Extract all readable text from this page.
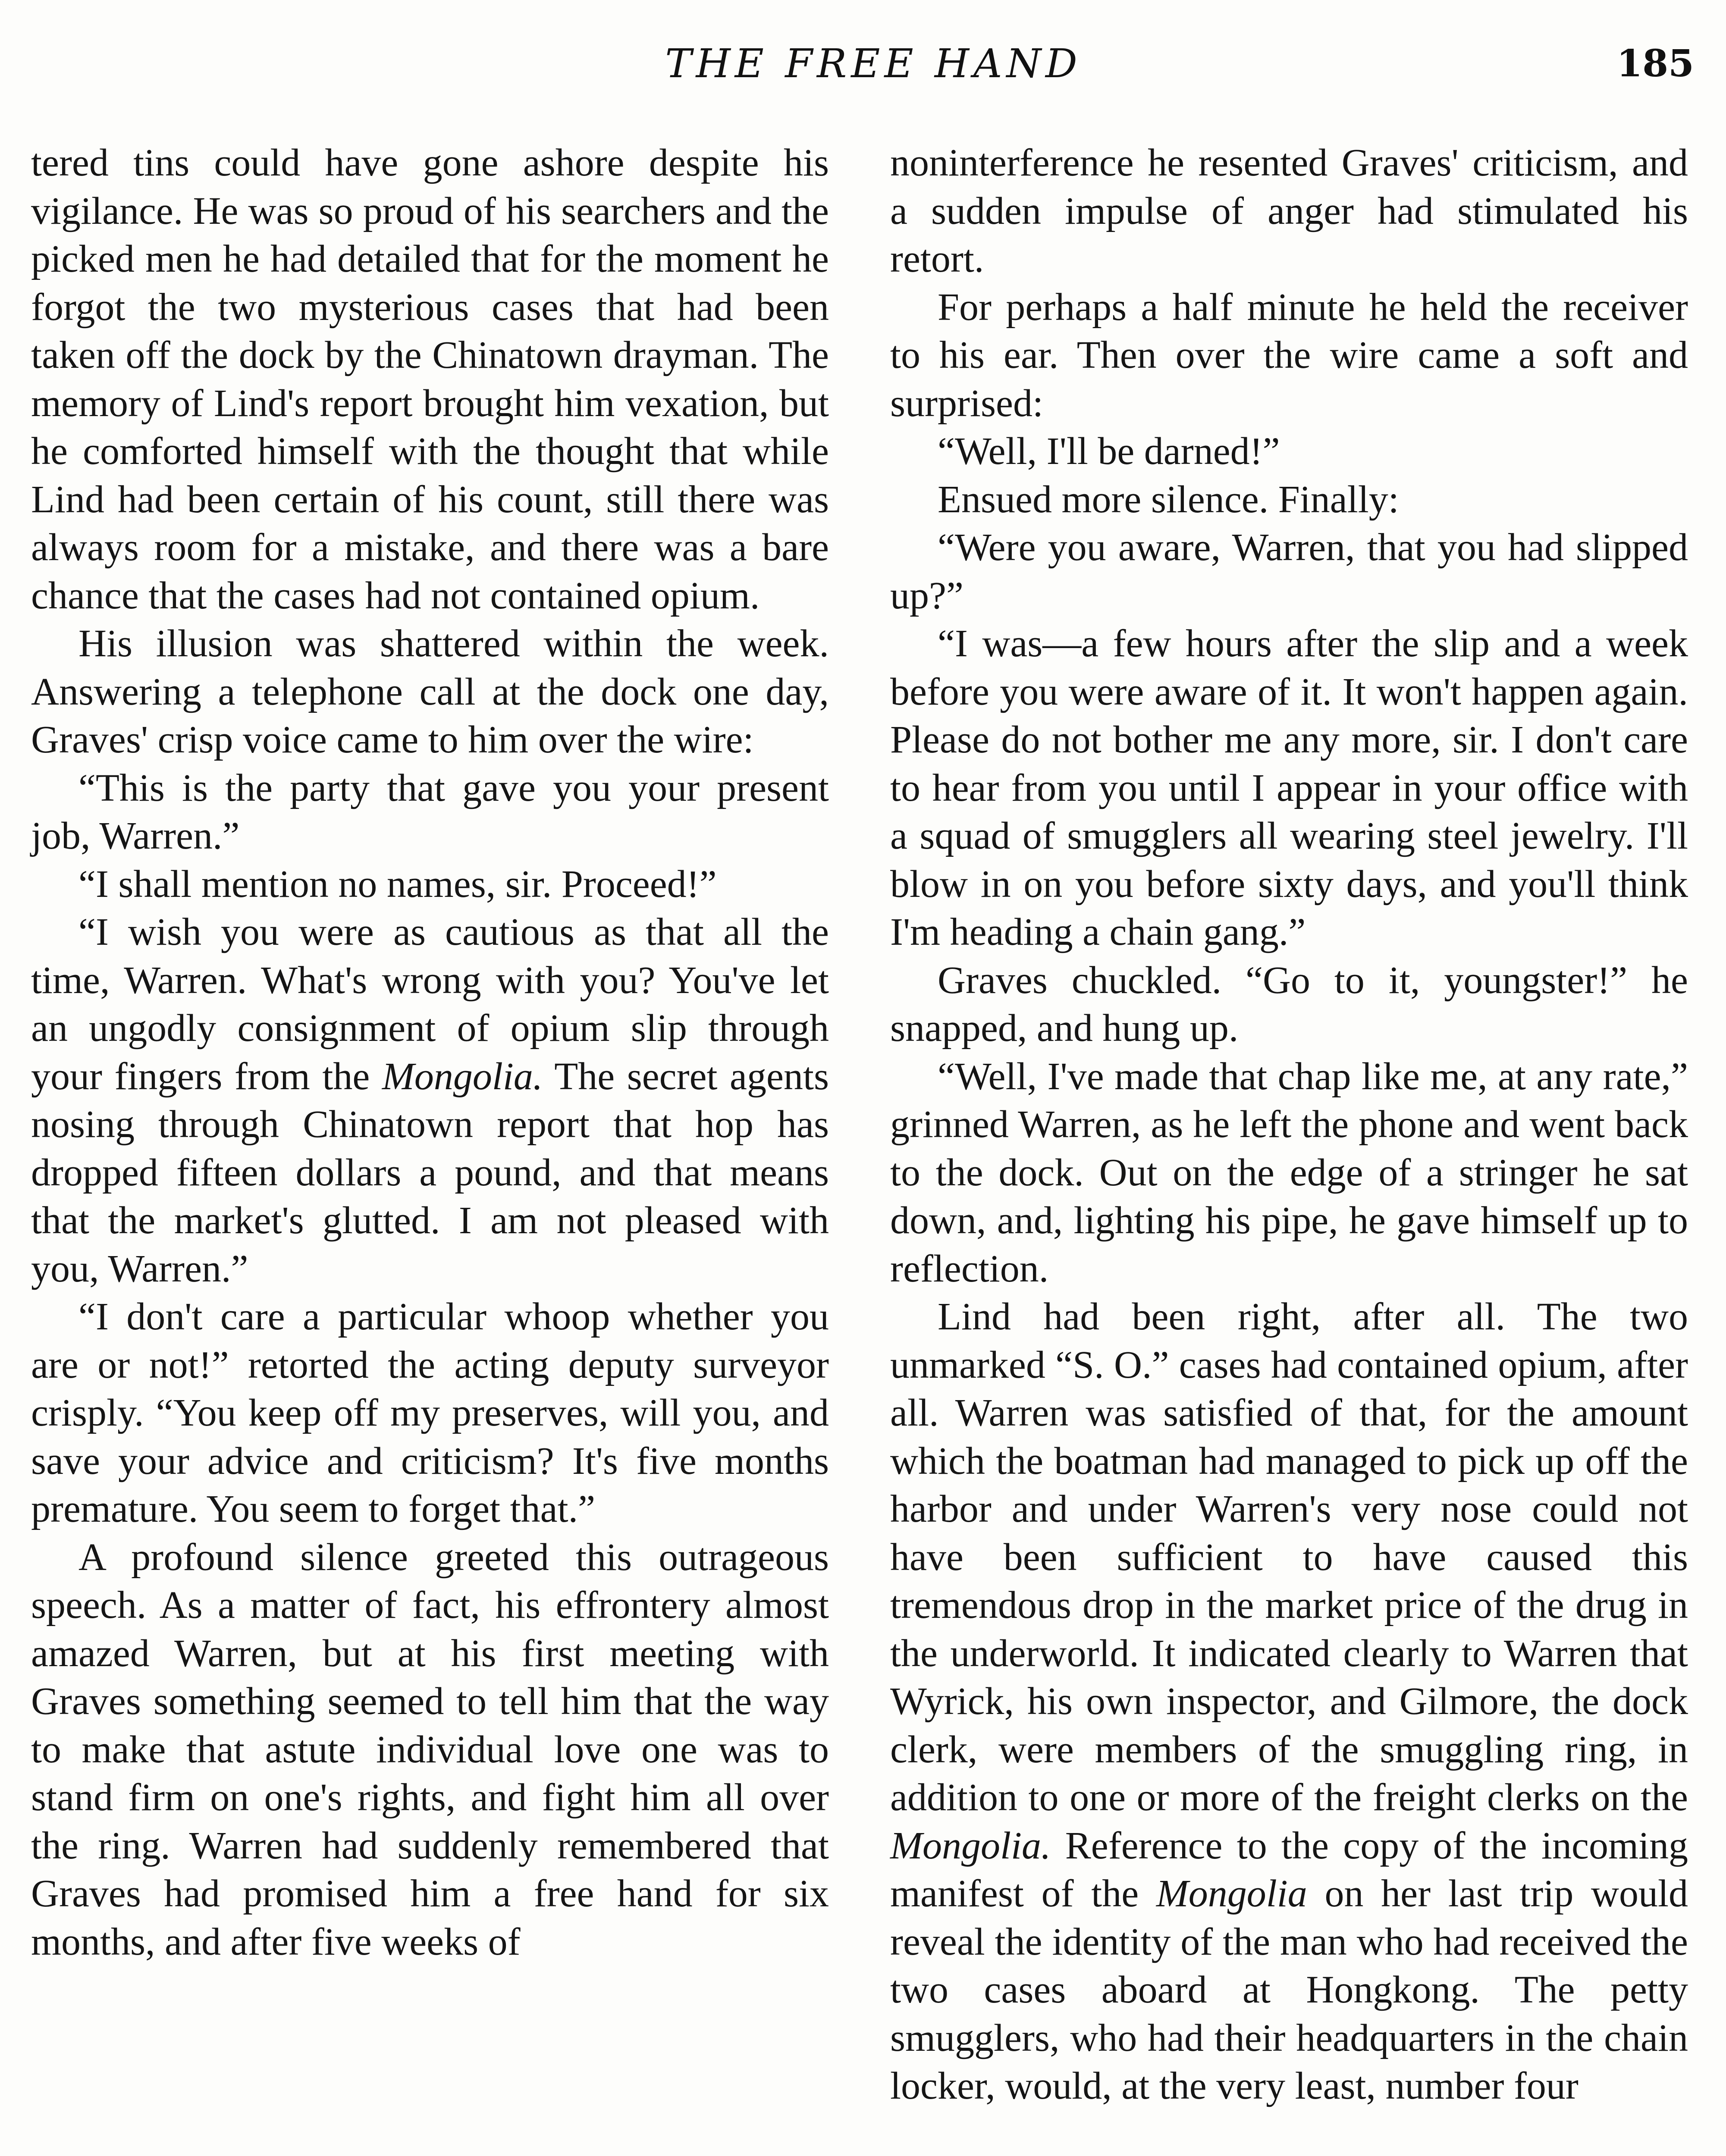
THE FREE HAND	185

tered tins could have gone ashore despite his vigilance. He was so proud of his searchers and the picked men he had detailed that for the moment he forgot the two mysterious cases that had been taken off the dock by the Chinatown drayman. The memory of Lind's report brought him vexation, but he comforted himself with the thought that while Lind had been certain of his count, still there was always room for a mistake, and there was a bare chance that the cases had not contained opium.

His illusion was shattered within the week. Answering a telephone call at the dock one day, Graves' crisp voice came to him over the wire:

“This is the party that gave you your present job, Warren.”

“I shall mention no names, sir. Proceed!”

“I wish you were as cautious as that all the time, Warren. What's wrong with you? You've let an ungodly consignment of opium slip through your fingers from the Mongolia. The secret agents nosing through Chinatown report that hop has dropped fifteen dollars a pound, and that means that the market's glutted. I am not pleased with you, Warren.”

“I don't care a particular whoop whether you are or not!” retorted the acting deputy surveyor crisply. “You keep off my preserves, will you, and save your advice and criticism? It's five months premature. You seem to forget that.”

A profound silence greeted this outrageous speech. As a matter of fact, his effrontery almost amazed Warren, but at his first meeting with Graves something seemed to tell him that the way to make that astute individual love one was to stand firm on one's rights, and fight him all over the ring. Warren had suddenly remembered that Graves had promised him a free hand for six months, and after five weeks of

noninterference he resented Graves' criticism, and a sudden impulse of anger had stimulated his retort.

For perhaps a half minute he held the receiver to his ear. Then over the wire came a soft and surprised:

“Well, I'll be darned!”

Ensued more silence. Finally:

“Were you aware, Warren, that you had slipped up?”

“I was—a few hours after the slip and a week before you were aware of it. It won't happen again. Please do not bother me any more, sir. I don't care to hear from you until I appear in your office with a squad of smugglers all wearing steel jewelry. I'll blow in on you before sixty days, and you'll think I'm heading a chain gang.”

Graves chuckled. “Go to it, youngster!” he snapped, and hung up.

“Well, I've made that chap like me, at any rate,” grinned Warren, as he left the phone and went back to the dock. Out on the edge of a stringer he sat down, and, lighting his pipe, he gave himself up to reflection.

Lind had been right, after all. The two unmarked “S. O.” cases had contained opium, after all. Warren was satisfied of that, for the amount which the boatman had managed to pick up off the harbor and under Warren's very nose could not have been sufficient to have caused this tremendous drop in the market price of the drug in the underworld. It indicated clearly to Warren that Wyrick, his own inspector, and Gilmore, the dock clerk, were members of the smuggling ring, in addition to one or more of the freight clerks on the Mongolia. Reference to the copy of the incoming manifest of the Mongolia on her last trip would reveal the identity of the man who had received the two cases aboard at Hongkong. The petty smugglers, who had their headquarters in the chain locker, would, at the very least, number four
